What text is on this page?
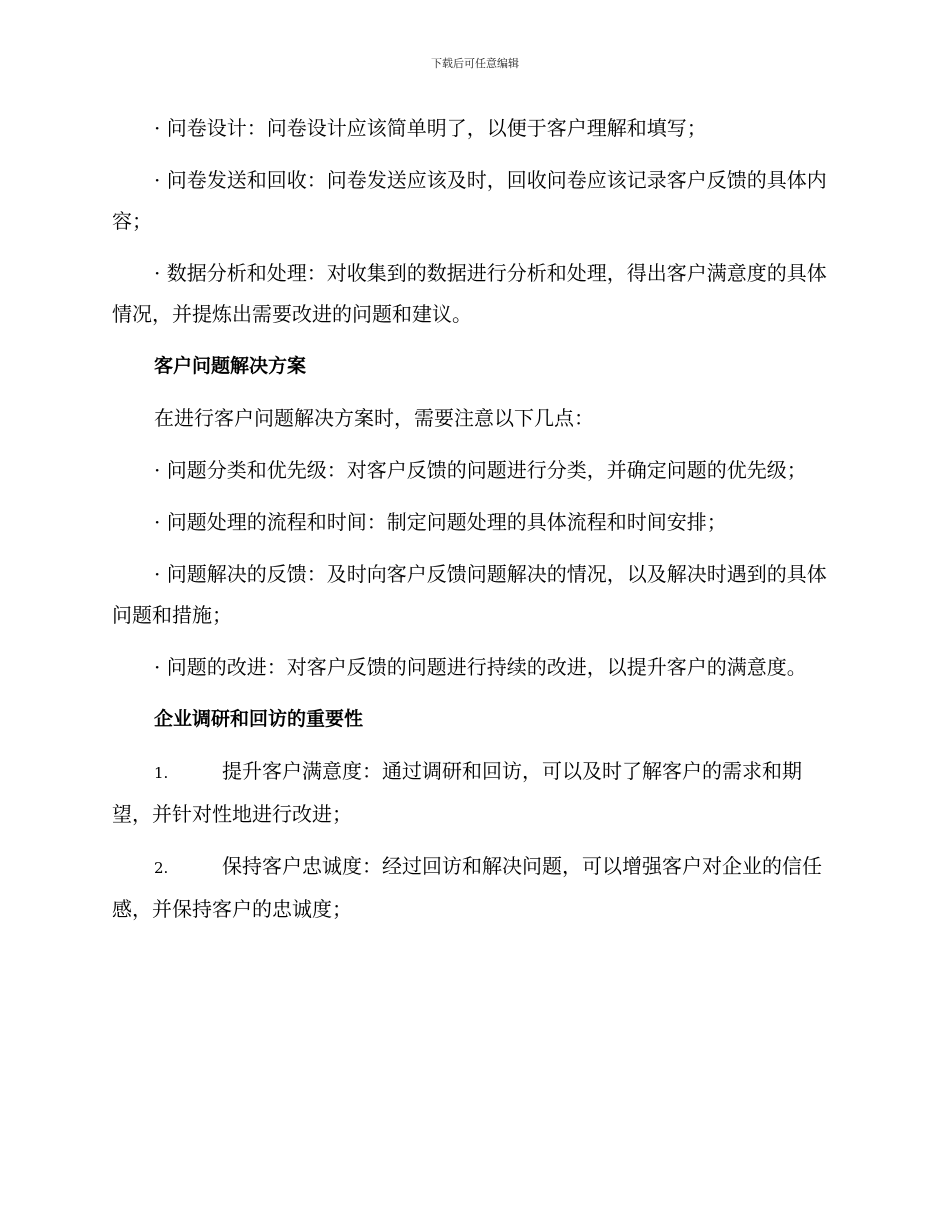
下载后可任意编辑

· 问卷设计：问卷设计应该简单明了，以便于客户理解和填写；

· 问卷发送和回收：问卷发送应该及时，回收问卷应该记录客户反馈的具体内容；

· 数据分析和处理：对收集到的数据进行分析和处理，得出客户满意度的具体情况，并提炼出需要改进的问题和建议。

客户问题解决方案

在进行客户问题解决方案时，需要注意以下几点：

· 问题分类和优先级：对客户反馈的问题进行分类，并确定问题的优先级；

· 问题处理的流程和时间：制定问题处理的具体流程和时间安排；

· 问题解决的反馈：及时向客户反馈问题解决的情况，以及解决时遇到的具体问题和措施；

· 问题的改进：对客户反馈的问题进行持续的改进，以提升客户的满意度。

企业调研和回访的重要性

1.	提升客户满意度：通过调研和回访，可以及时了解客户的需求和期望，并针对性地进行改进；

2.	保持客户忠诚度：经过回访和解决问题，可以增强客户对企业的信任感，并保持客户的忠诚度；
